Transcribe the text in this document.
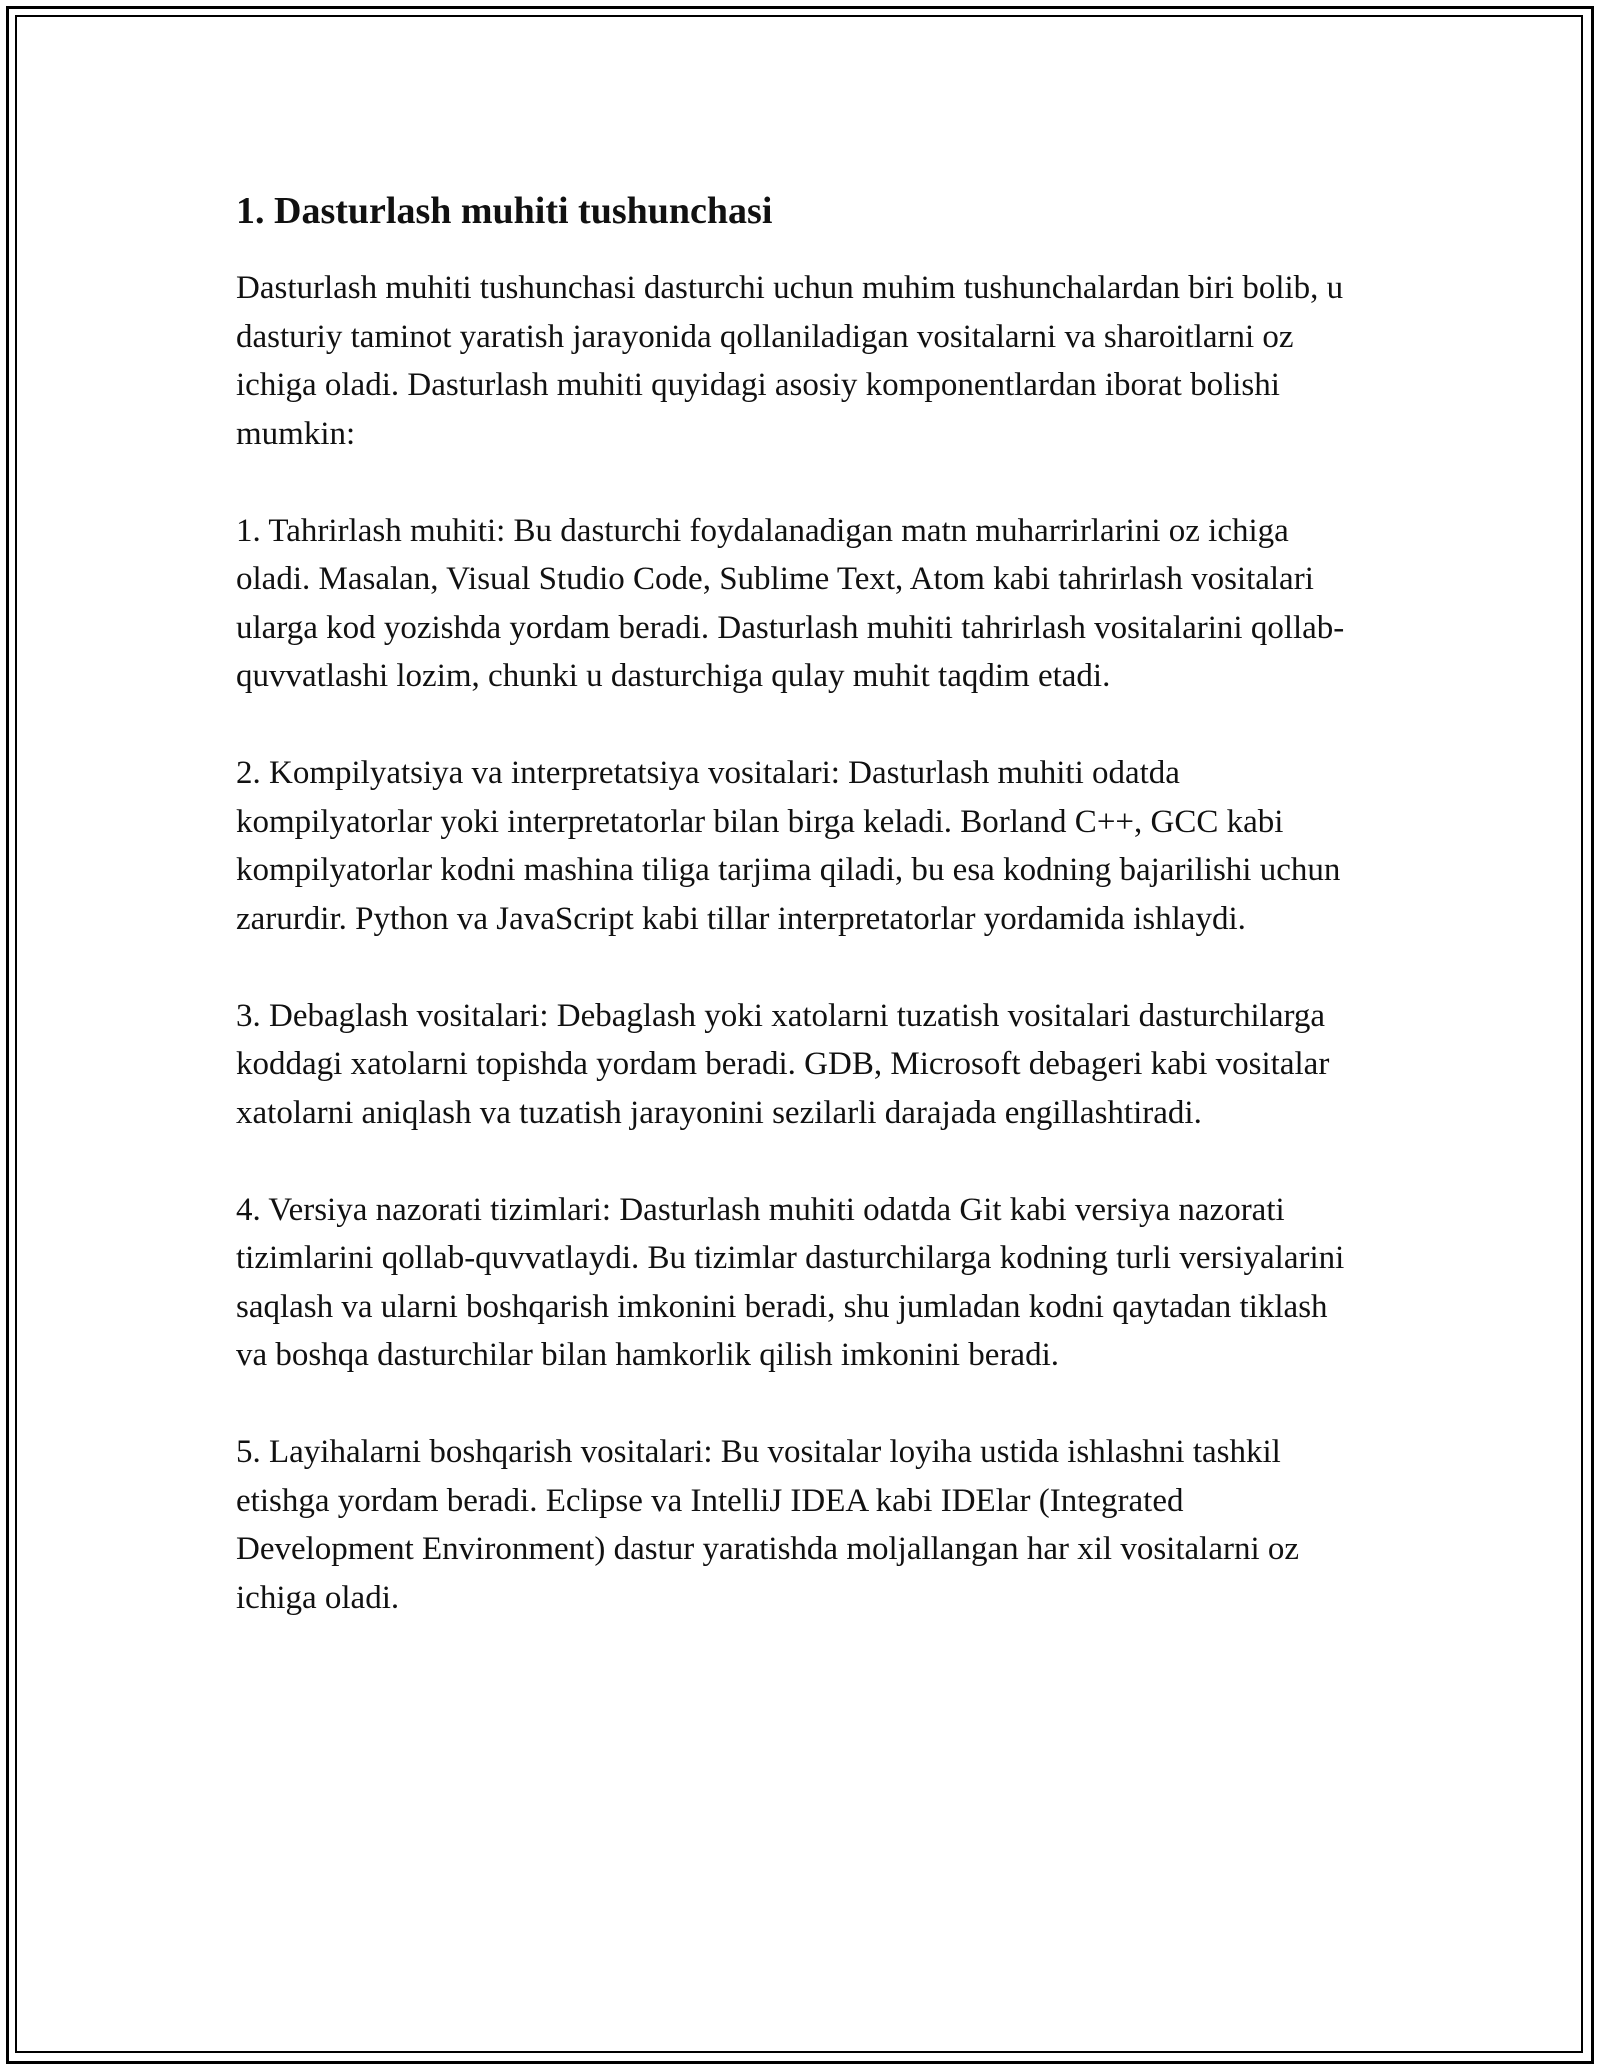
1. Dasturlash muhiti tushunchasi

Dasturlash muhiti tushunchasi dasturchi uchun muhim tushunchalardan biri bolib, u dasturiy taminot yaratish jarayonida qollaniladigan vositalarni va sharoitlarni oz ichiga oladi. Dasturlash muhiti quyidagi asosiy komponentlardan iborat bolishi mumkin:

1. Tahrirlash muhiti: Bu dasturchi foydalanadigan matn muharrirlarini oz ichiga oladi. Masalan, Visual Studio Code, Sublime Text, Atom kabi tahrirlash vositalari ularga kod yozishda yordam beradi. Dasturlash muhiti tahrirlash vositalarini qollab-quvvatlashi lozim, chunki u dasturchiga qulay muhit taqdim etadi.

2. Kompilyatsiya va interpretatsiya vositalari: Dasturlash muhiti odatda kompilyatorlar yoki interpretatorlar bilan birga keladi. Borland C++, GCC kabi kompilyatorlar kodni mashina tiliga tarjima qiladi, bu esa kodning bajarilishi uchun zarurdir. Python va JavaScript kabi tillar interpretatorlar yordamida ishlaydi.

3. Debaglash vositalari: Debaglash yoki xatolarni tuzatish vositalari dasturchilarga koddagi xatolarni topishda yordam beradi. GDB, Microsoft debageri kabi vositalar xatolarni aniqlash va tuzatish jarayonini sezilarli darajada engillashtiradi.

4. Versiya nazorati tizimlari: Dasturlash muhiti odatda Git kabi versiya nazorati tizimlarini qollab-quvvatlaydi. Bu tizimlar dasturchilarga kodning turli versiyalarini saqlash va ularni boshqarish imkonini beradi, shu jumladan kodni qaytadan tiklash va boshqa dasturchilar bilan hamkorlik qilish imkonini beradi.

5. Layihalarni boshqarish vositalari: Bu vositalar loyiha ustida ishlashni tashkil etishga yordam beradi. Eclipse va IntelliJ IDEA kabi IDElar (Integrated Development Environment) dastur yaratishda moljallangan har xil vositalarni oz ichiga oladi.
